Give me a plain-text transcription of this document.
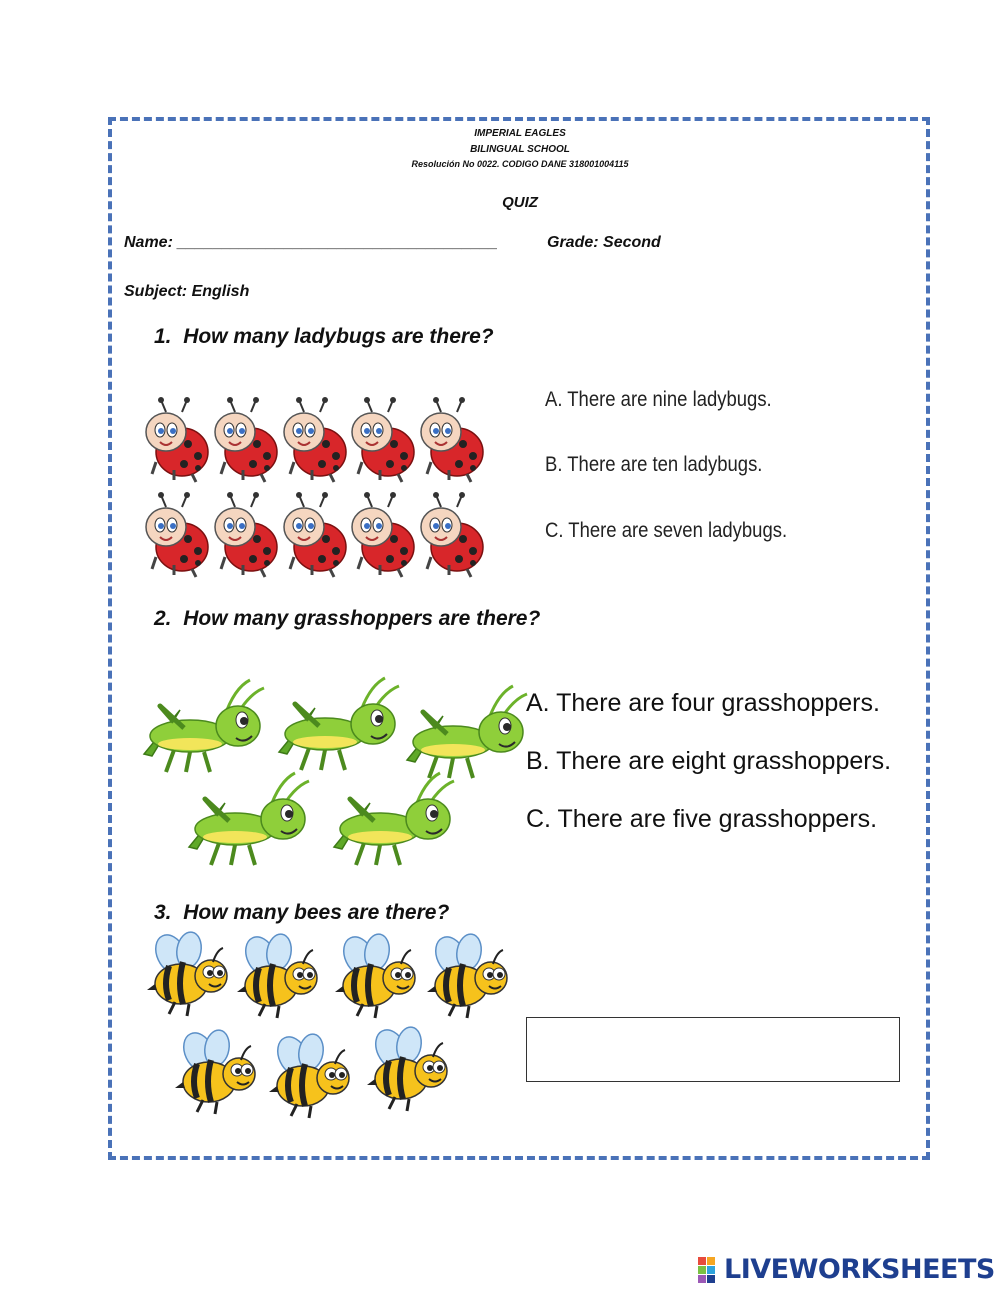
IMPERIAL EAGLES
BILINGUAL SCHOOL
Resolución No 0022. CODIGO DANE 318001004115
QUIZ
Name: ____________________________________	Grade: Second
Subject: English
1. How many ladybugs are there?
A. There are nine ladybugs.
B. There are ten ladybugs.
C. There are seven ladybugs.
2. How many grasshoppers are there?
A. There are four grasshoppers.
B. There are eight grasshoppers.
C. There are five grasshoppers.
3. How many bees are there?
LIVEWORKSHEETS
